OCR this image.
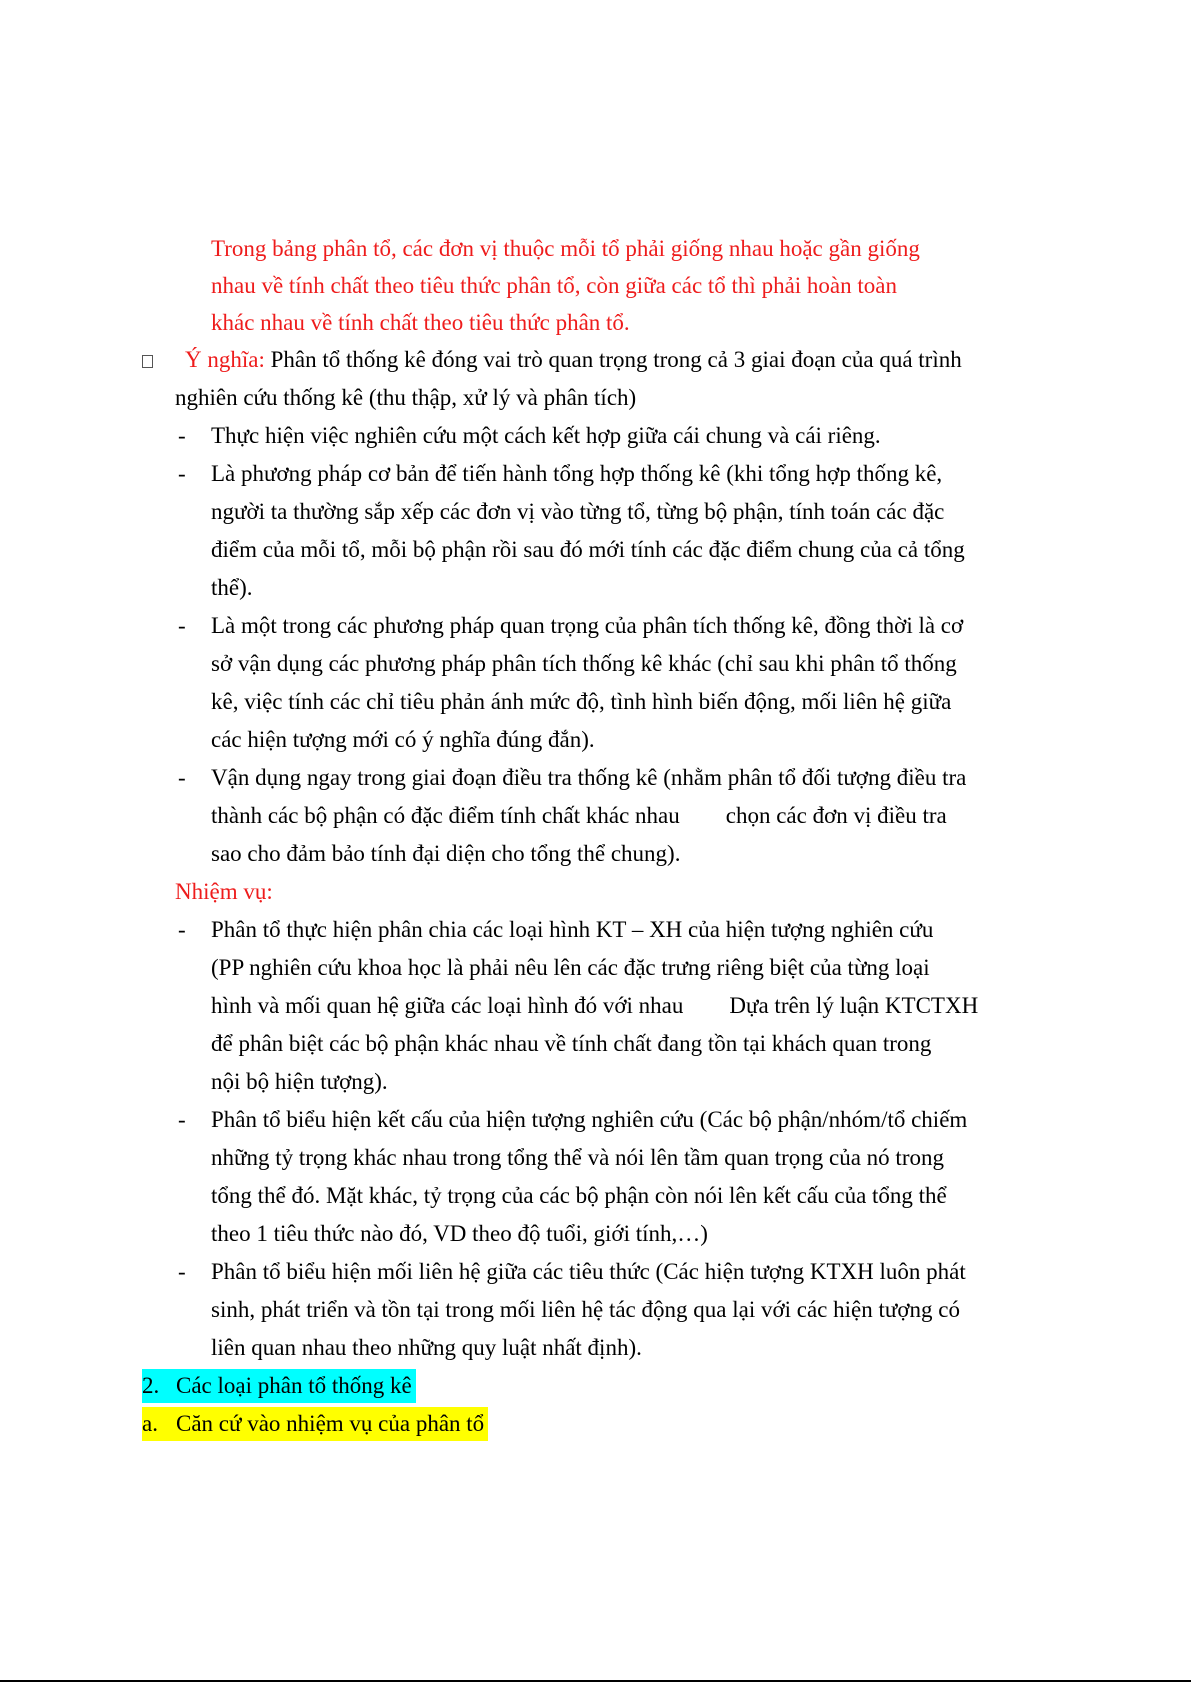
Trong bảng phân tổ, các đơn vị thuộc mỗi tổ phải giống nhau hoặc gần giống
nhau về tính chất theo tiêu thức phân tổ, còn giữa các tổ thì phải hoàn toàn
khác nhau về tính chất theo tiêu thức phân tổ.
Ý nghĩa: Phân tổ thống kê đóng vai trò quan trọng trong cả 3 giai đoạn của quá trình
nghiên cứu thống kê (thu thập, xử lý và phân tích)
- Thực hiện việc nghiên cứu một cách kết hợp giữa cái chung và cái riêng.
- Là phương pháp cơ bản để tiến hành tổng hợp thống kê (khi tổng hợp thống kê,
người ta thường sắp xếp các đơn vị vào từng tổ, từng bộ phận, tính toán các đặc
điểm của mỗi tổ, mỗi bộ phận rồi sau đó mới tính các đặc điểm chung của cả tổng
thể).
- Là một trong các phương pháp quan trọng của phân tích thống kê, đồng thời là cơ
sở vận dụng các phương pháp phân tích thống kê khác (chỉ sau khi phân tổ thống
kê, việc tính các chỉ tiêu phản ánh mức độ, tình hình biến động, mối liên hệ giữa
các hiện tượng mới có ý nghĩa đúng đắn).
- Vận dụng ngay trong giai đoạn điều tra thống kê (nhằm phân tổ đối tượng điều tra
thành các bộ phận có đặc điểm tính chất khác nhau chọn các đơn vị điều tra
sao cho đảm bảo tính đại diện cho tổng thể chung).
Nhiệm vụ:
- Phân tổ thực hiện phân chia các loại hình KT – XH của hiện tượng nghiên cứu
(PP nghiên cứu khoa học là phải nêu lên các đặc trưng riêng biệt của từng loại
hình và mối quan hệ giữa các loại hình đó với nhau Dựa trên lý luận KTCTXH
để phân biệt các bộ phận khác nhau về tính chất đang tồn tại khách quan trong
nội bộ hiện tượng).
- Phân tổ biểu hiện kết cấu của hiện tượng nghiên cứu (Các bộ phận/nhóm/tổ chiếm
những tỷ trọng khác nhau trong tổng thể và nói lên tầm quan trọng của nó trong
tổng thể đó. Mặt khác, tỷ trọng của các bộ phận còn nói lên kết cấu của tổng thể
theo 1 tiêu thức nào đó, VD theo độ tuổi, giới tính,…)
- Phân tổ biểu hiện mối liên hệ giữa các tiêu thức (Các hiện tượng KTXH luôn phát
sinh, phát triển và tồn tại trong mối liên hệ tác động qua lại với các hiện tượng có
liên quan nhau theo những quy luật nhất định).
2. Các loại phân tổ thống kê
a. Căn cứ vào nhiệm vụ của phân tổ
